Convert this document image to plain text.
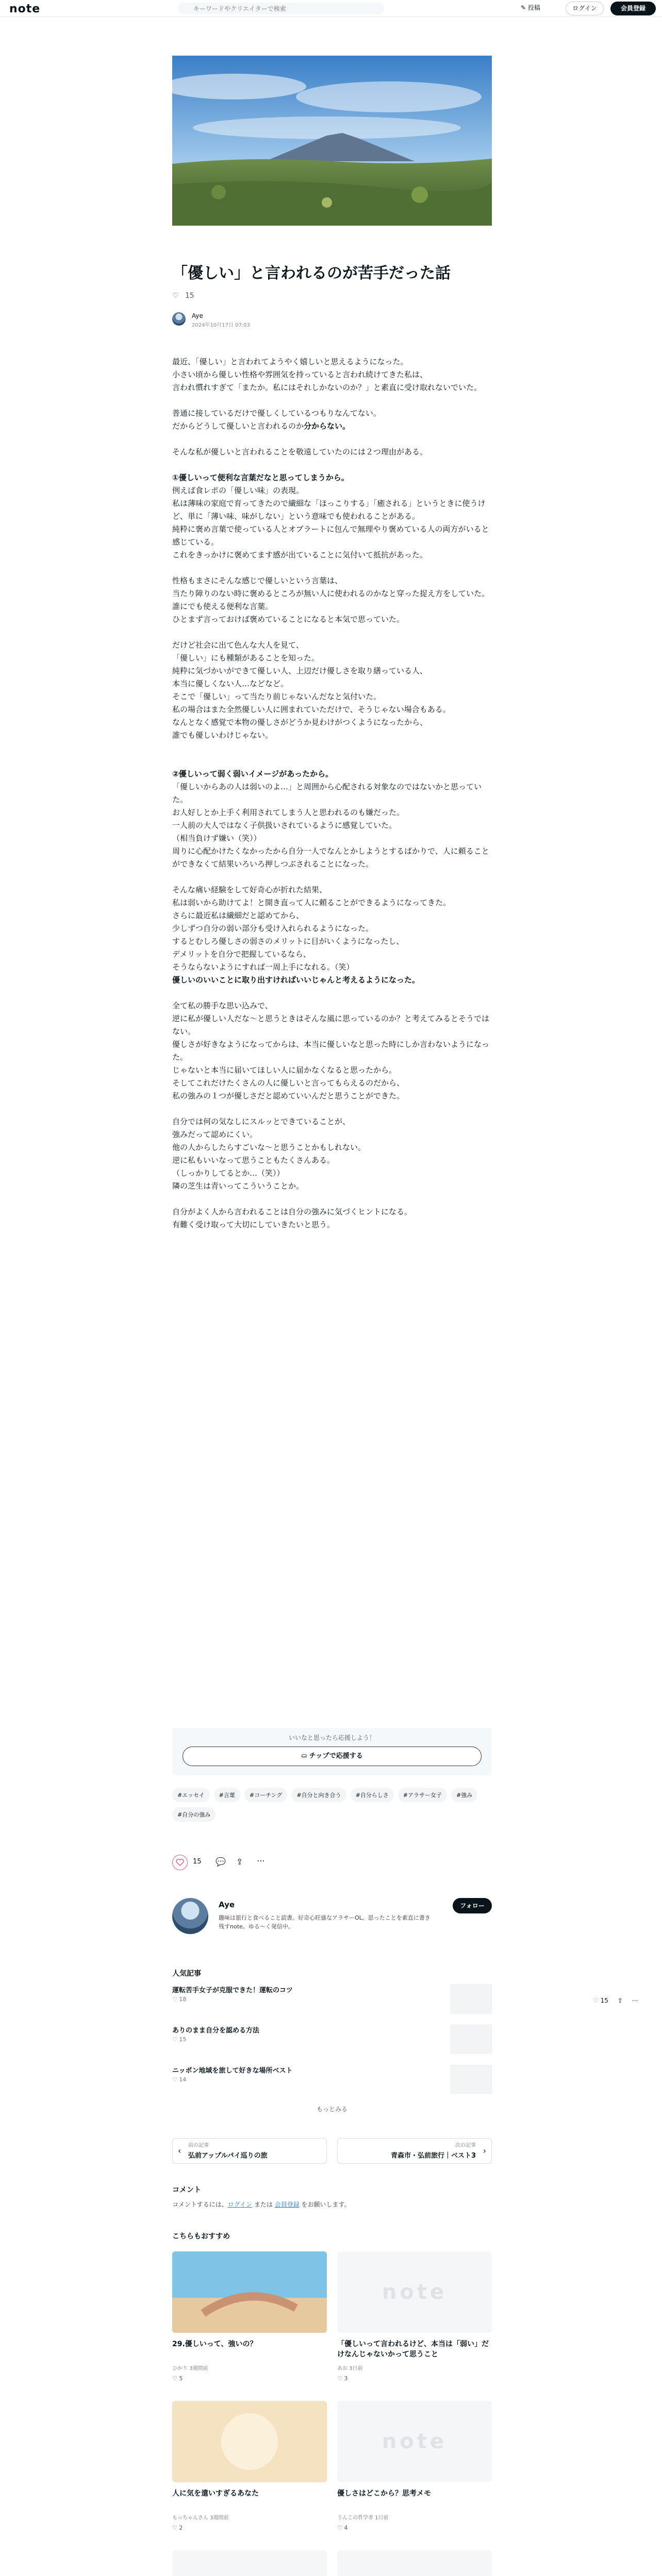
note
キーワードやクリエイターで検索	✎ 投稿	ログイン	会員登録
「優しい」と言われるのが苦手だった話
♡ 15
Aye
2024年10月17日 07:03

最近、「優しい」と言われてようやく嬉しいと思えるようになった。

小さい頃から優しい性格や雰囲気を持っていると言われ続けてきた私は、

言われ慣れすぎて「またか。私にはそれしかないのか？」と素直に受け取れないでいた。

普通に接しているだけで優しくしているつもりなんてない。

だからどうして優しいと言われるのか分からない。

そんな私が優しいと言われることを敬遠していたのには２つ理由がある。

①優しいって便利な言葉だなと思ってしまうから。

例えば食レポの「優しい味」の表現。

私は薄味の家庭で育ってきたので繊細な「ほっこりする」「癒される」というときに使うけど、単に「薄い味、味がしない」という意味でも使われることがある。

純粋に褒め言葉で使っている人とオブラートに包んで無理やり褒めている人の両方がいると感じている。

これをきっかけに褒めてます感が出ていることに気付いて抵抗があった。

性格もまさにそんな感じで優しいという言葉は、

当たり障りのない時に褒めるところが無い人に使われるのかなと穿った捉え方をしていた。

誰にでも使える便利な言葉。

ひとまず言っておけば褒めていることになると本気で思っていた。

だけど社会に出て色んな大人を見て、

「優しい」にも種類があることを知った。

純粋に気づかいができて優しい人、上辺だけ優しさを取り繕っている人、

本当に優しくない人…などなど。

そこで「優しい」って当たり前じゃないんだなと気付いた。

私の場合はまた全然優しい人に囲まれていただけで、そうじゃない場合もある。

なんとなく感覚で本物の優しさがどうか見わけがつくようになったから、

誰でも優しいわけじゃない。

②優しいって弱く弱いイメージがあったから。

「優しいからあの人は弱いのよ…」と周囲から心配される対象なのではないかと思っていた。

お人好しとか上手く利用されてしまう人と思われるのも嫌だった。

一人前の大人ではなく子供扱いされているように感覚していた。

（相当負けず嫌い（笑））

周りに心配かけたくなかったから自分一人でなんとかしようとするばかりで、人に頼ることができなくて結果いろいろ押しつぶされることになった。

そんな痛い経験をして好奇心が折れた結果、

私は弱いから助けてよ！と開き直って人に頼ることができるようになってきた。

さらに最近私は繊細だと認めてから、

少しずつ自分の弱い部分も受け入れられるようになった。

するとむしろ優しさの弱さのメリットに目がいくようになったし、

デメリットを自分で把握しているなら、

そうならないようにすれば一周上手になれる。（笑）

優しいのいいことに取り出すければいいじゃんと考えるようになった。

全て私の勝手な思い込みで、

逆に私が優しい人だな〜と思うときはそんな風に思っているのか？と考えてみるとそうではない。

優しさが好きなようになってからは、本当に優しいなと思った時にしか言わないようになった。

じゃないと本当に届いてほしい人に届かなくなると思ったから。

そしてこれだけたくさんの人に優しいと言ってもらえるのだから、

私の強みの１つが優しさだと認めていいんだと思うことができた。

自分では何の気なしにスルッとできていることが、

強みだって認めにくい。

他の人からしたらすごいな〜と思うことかもしれない。

逆に私もいいなって思うこともたくさんある。

（しっかりしてるとか…（笑））

隣の芝生は青いってこういうことか。

自分がよく人から言われることは自分の強みに気づくヒントになる。

有難く受け取って大切にしていきたいと思う。

いいなと思ったら応援しよう！
⛀ チップで応援する
#エッセイ	#言葉	#コーチング	#自分と向き合う	#自分らしさ	#アラサー女子	#強み#自分の強み
15 💬 ⇪ ⋯
Aye
趣味は旅行と食べること読書。好奇心旺盛なアラサーOL。思ったことを素直に書き残すnote。ゆる〜く発信中。
フォロー
人気記事
運転苦手女子が克服できた！運転のコツ
♡ 18
ありのまま自分を認める方法
♡ 15
ニッポン地域を旅して好きな場所ベスト
♡ 14
もっとみる
前の記事
弘前アップルパイ巡りの旅
‹
次の記事
青森市・弘前旅行｜ベスト3
›
コメント
コメントするには、ログイン または 会員登録 をお願いします。
こちらもおすすめ
29.優しいって、強いの？
ひかり 3週間前
♡ 5
note
「優しいって言われるけど、本当は「弱い」だけなんじゃないかって思うこと
あお 3日前
♡ 3
人に気を遣いすぎるあなた
もっちゃんさん 3週間前
♡ 2
note
優しさはどこから？思考メモ
うんこの哲学者 1日前
♡ 4
♡ 15 ⇪ ⋯
